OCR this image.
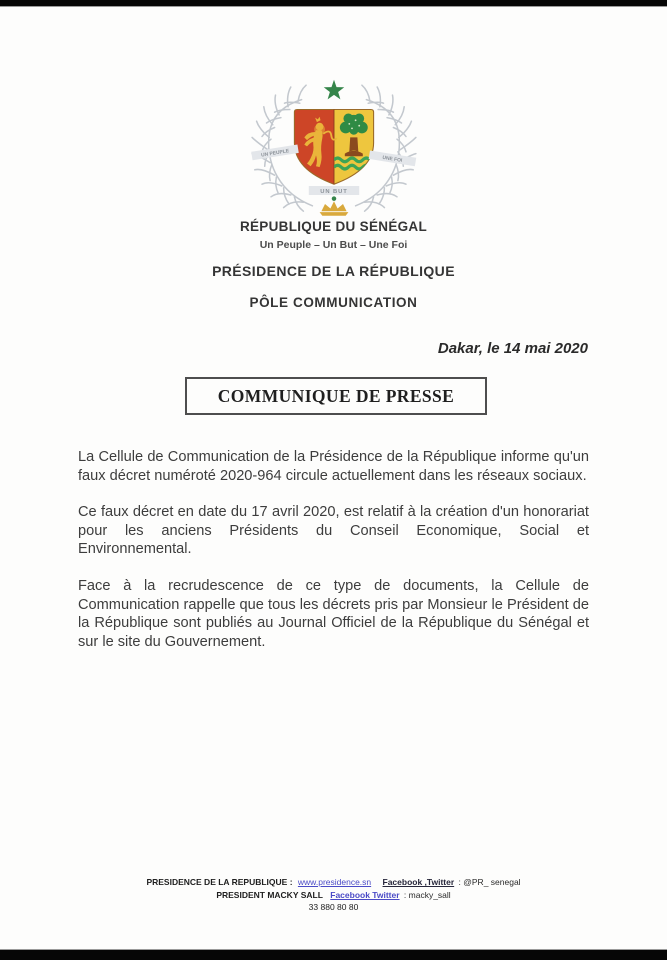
UN PEUPLE
UNE FOI
UN BUT
RÉPUBLIQUE DU SÉNÉGAL
Un Peuple – Un But – Une Foi
PRÉSIDENCE DE LA RÉPUBLIQUE
PÔLE COMMUNICATION
Dakar, le 14 mai 2020
COMMUNIQUE DE PRESSE

La Cellule de Communication de la Présidence de la République informe qu'un faux décret numéroté 2020-964 circule actuellement dans les réseaux sociaux.

Ce faux décret en date du 17 avril 2020, est relatif à la création d'un honorariat pour les anciens Présidents du Conseil Economique, Social et Environnemental.

Face à la recrudescence de ce type de documents, la Cellule de Communication rappelle que tous les décrets pris par Monsieur le Président de la République sont publiés au Journal Officiel de la République du Sénégal et sur le site du Gouvernement.

PRESIDENCE DE LA REPUBLIQUE : www.presidence.sn Facebook ,Twitter : @PR_ senegal
PRESIDENT MACKY SALL Facebook Twitter : macky_sall
33 880 80 80
